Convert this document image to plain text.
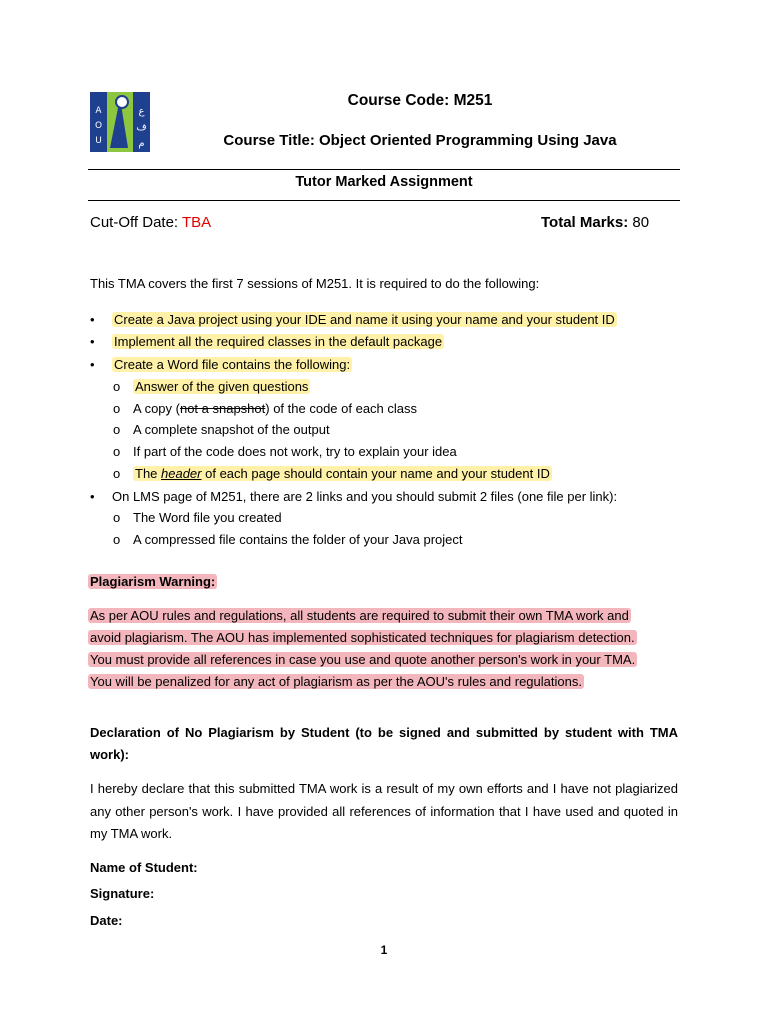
A
O
U
ع
ف
م
Course Code: M251
Course Title: Object Oriented Programming Using Java
Tutor Marked Assignment
Cut-Off Date: TBA	Total Marks: 80
This TMA covers the first 7 sessions of M251. It is required to do the following:
• Create a Java project using your IDE and name it using your name and your student ID
• Implement all the required classes in the default package
• Create a Word file contains the following:
o Answer of the given questions
o A copy (not a snapshot) of the code of each class
o A complete snapshot of the output
o If part of the code does not work, try to explain your idea
o The header of each page should contain your name and your student ID
• On LMS page of M251, there are 2 links and you should submit 2 files (one file per link):
o The Word file you created
o A compressed file contains the folder of your Java project
Plagiarism Warning:
As per AOU rules and regulations, all students are required to submit their own TMA work and
avoid plagiarism. The AOU has implemented sophisticated techniques for plagiarism detection.
You must provide all references in case you use and quote another person's work in your TMA.
You will be penalized for any act of plagiarism as per the AOU's rules and regulations.
Declaration of No Plagiarism by Student (to be signed and submitted by student with TMA work):
I hereby declare that this submitted TMA work is a result of my own efforts and I have not plagiarized any other person's work. I have provided all references of information that I have used and quoted in my TMA work.
Name of Student:
Signature:
Date:
1
